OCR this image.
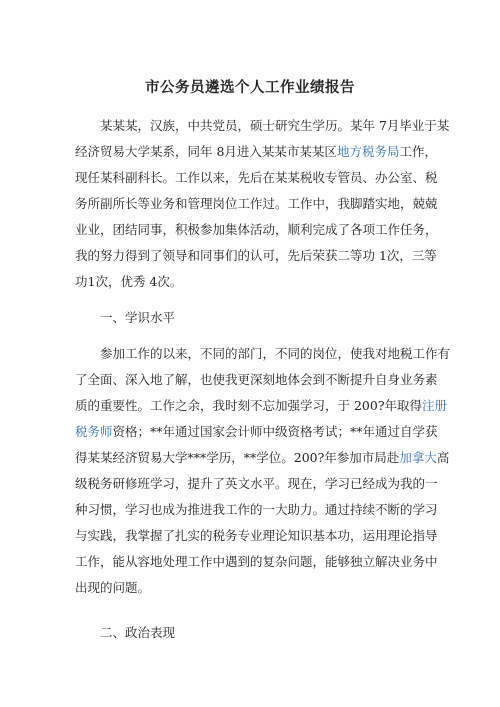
市公务员遴选个人工作业绩报告
某某某，汉族，中共党员，硕士研究生学历。某年 7月毕业于某
经济贸易大学某系，同年 8月进入某某市某某区地方税务局工作，
现任某科副科长。工作以来，先后在某某税收专管员、办公室、税
务所副所长等业务和管理岗位工作过。工作中，我脚踏实地，兢兢
业业，团结同事，积极参加集体活动，顺利完成了各项工作任务，
我的努力得到了领导和同事们的认可，先后荣获二等功 1次，三等
功1次，优秀 4次。
一、学识水平
参加工作的以来，不同的部门，不同的岗位，使我对地税工作有
了全面、深入地了解，也使我更深刻地体会到不断提升自身业务素
质的重要性。工作之余，我时刻不忘加强学习，于 200?年取得注册
税务师资格；**年通过国家会计师中级资格考试；**年通过自学获
得某某经济贸易大学***学历，**学位。200?年参加市局赴加拿大高
级税务研修班学习，提升了英文水平。现在，学习已经成为我的一
种习惯，学习也成为推进我工作的一大助力。通过持续不断的学习
与实践，我掌握了扎实的税务专业理论知识基本功，运用理论指导
工作，能从容地处理工作中遇到的复杂问题，能够独立解决业务中
出现的问题。
二、政治表现
